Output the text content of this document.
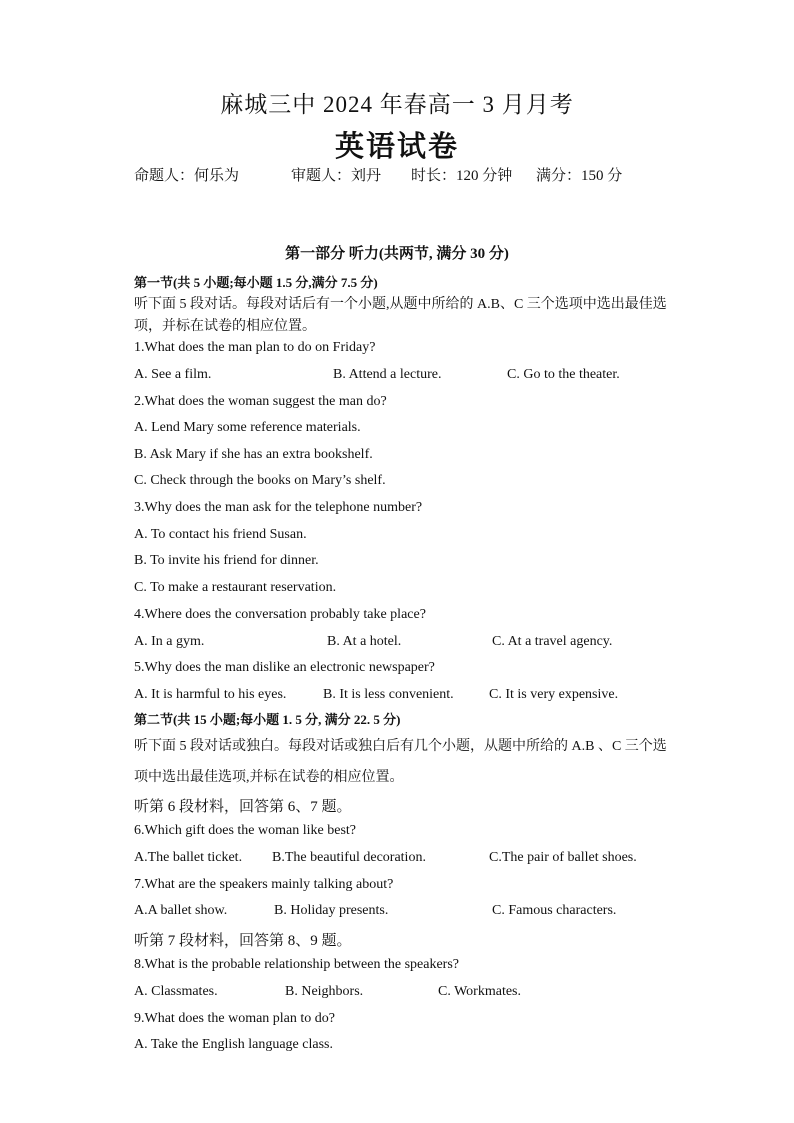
麻城三中 2024 年春高一 3 月月考
英语试卷
命题人：何乐为	审题人：刘丹 时长：120 分钟 满分：150 分
第一部分 听力(共两节, 满分 30 分)
第一节(共 5 小题;每小题 1.5 分,满分 7.5 分)
听下面 5 段对话。每段对话后有一个小题,从题中所给的 A.B、C 三个选项中选出最佳选
项，并标在试卷的相应位置。
1.What does the man plan to do on Friday?
A. See a film.	B. Attend a lecture.	C. Go to the theater.
2.What does the woman suggest the man do?
A. Lend Mary some reference materials.
B. Ask Mary if she has an extra bookshelf.
C. Check through the books on Mary’s shelf.
3.Why does the man ask for the telephone number?
A. To contact his friend Susan.
B. To invite his friend for dinner.
C. To make a restaurant reservation.
4.Where does the conversation probably take place?
A. In a gym.	B. At a hotel.	C. At a travel agency.
5.Why does the man dislike an electronic newspaper?
A. It is harmful to his eyes.	B. It is less convenient.	C. It is very expensive.
第二节(共 15 小题;每小题 1. 5 分, 满分 22. 5 分)
听下面 5 段对话或独白。每段对话或独白后有几个小题，从题中所给的 A.B 、C 三个选
项中选出最佳选项,并标在试卷的相应位置。
听第 6 段材料，回答第 6、7 题。
6.Which gift does the woman like best?
A.The ballet ticket. B.The beautiful decoration.	C.The pair of ballet shoes.
7.What are the speakers mainly talking about?
A.A ballet show.	B. Holiday presents.	C. Famous characters.
听第 7 段材料，回答第 8、9 题。
8.What is the probable relationship between the speakers?
A. Classmates.	B. Neighbors.	C. Workmates.
9.What does the woman plan to do?
A. Take the English language class.
